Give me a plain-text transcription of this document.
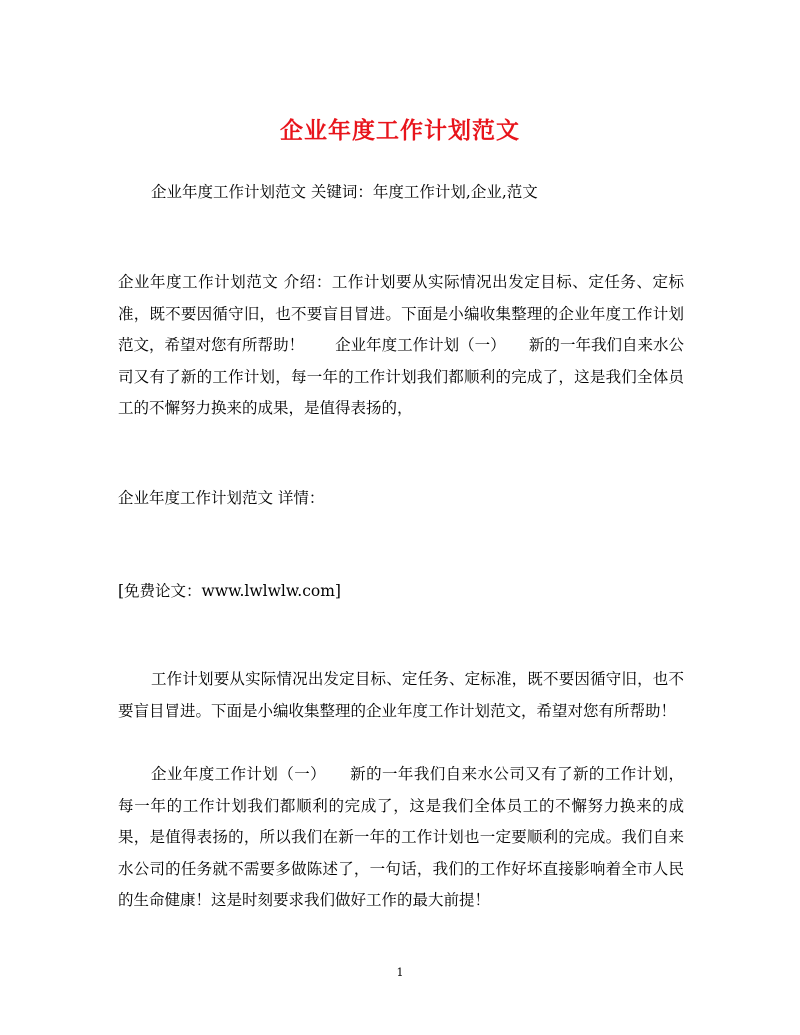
企业年度工作计划范文
企业年度工作计划范文 关键词：年度工作计划,企业,范文
企业年度工作计划范文 介绍：工作计划要从实际情况出发定目标、定任务、定标准，既不要因循守旧，也不要盲目冒进。下面是小编收集整理的企业年度工作计划范文，希望对您有所帮助！　　企业年度工作计划（一）　　新的一年我们自来水公司又有了新的工作计划，每一年的工作计划我们都顺利的完成了，这是我们全体员工的不懈努力换来的成果，是值得表扬的，
企业年度工作计划范文 详情：
[免费论文：www.lwlwlw.com]
工作计划要从实际情况出发定目标、定任务、定标准，既不要因循守旧，也不要盲目冒进。下面是小编收集整理的企业年度工作计划范文，希望对您有所帮助！
企业年度工作计划（一）　　新的一年我们自来水公司又有了新的工作计划，每一年的工作计划我们都顺利的完成了，这是我们全体员工的不懈努力换来的成果，是值得表扬的，所以我们在新一年的工作计划也一定要顺利的完成。我们自来水公司的任务就不需要多做陈述了，一句话，我们的工作好坏直接影响着全市人民的生命健康！这是时刻要求我们做好工作的最大前提！
1
